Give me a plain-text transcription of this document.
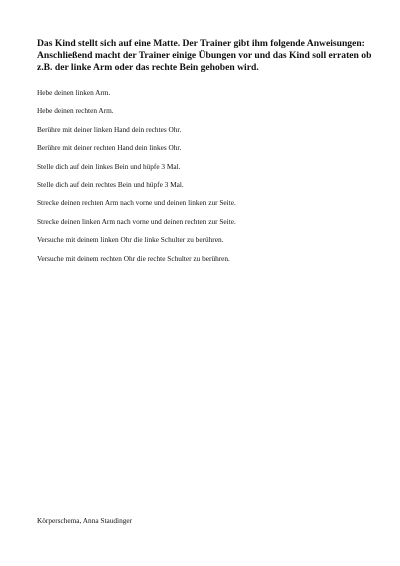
Das Kind stellt sich auf eine Matte. Der Trainer gibt ihm folgende Anweisungen: Anschließend macht der Trainer einige Übungen vor und das Kind soll erraten ob z.B. der linke Arm oder das rechte Bein gehoben wird.

Hebe deinen linken Arm.
Hebe deinen rechten Arm.
Berühre mit deiner linken Hand dein rechtes Ohr.
Berühre mit deiner rechten Hand dein linkes Ohr.
Stelle dich auf dein linkes Bein und hüpfe 3 Mal.
Stelle dich auf dein rechtes Bein und hüpfe 3 Mal.
Strecke deinen rechten Arm nach vorne und deinen linken zur Seite.
Strecke deinen linken Arm nach vorne und deinen rechten zur Seite.
Versuche mit deinem linken Ohr die linke Schulter zu berühren.
Versuche mit deinem rechten Ohr die rechte Schulter zu berühren.

Körperschema, Anna Staudinger
